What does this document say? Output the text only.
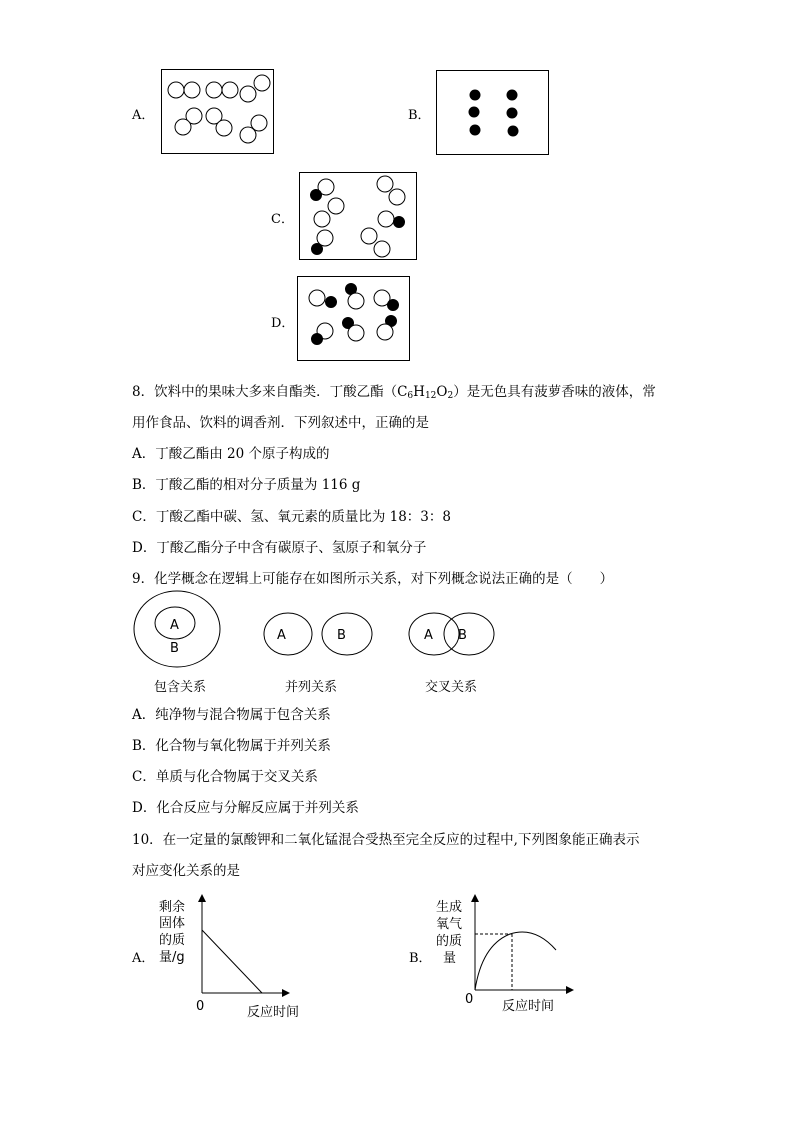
A．	B．
C．
D．
8．饮料中的果味大多来自酯类．丁酸乙酯$(C_6H_{12}O_2)$是无色具有菠萝香味的液体，常
用作食品、饮料的调香剂．下列叙述中，正确的是
A．丁酸乙酯由 20 个原子构成的
B．丁酸乙酯的相对分子质量为 116 g
C．丁酸乙酯中碳、氢、氧元素的质量比为 18：3：8
D．丁酸乙酯分子中含有碳原子、氢原子和氧分子
9．化学概念在逻辑上可能存在如图所示关系，对下列概念说法正确的是（　　）
A
B
A	B	A B
包含关系	并列关系	交叉关系
A．纯净物与混合物属于包含关系
B．化合物与氧化物属于并列关系
C．单质与化合物属于交叉关系
D．化合反应与分解反应属于并列关系
10．在一定量的氯酸钾和二氧化锰混合受热至完全反应的过程中,下列图象能正确表示
对应变化关系的是
A．
剩余
固体
的质
量/g
0	反应时间
B．
生成
氧气
的质
量
0 反应时间
